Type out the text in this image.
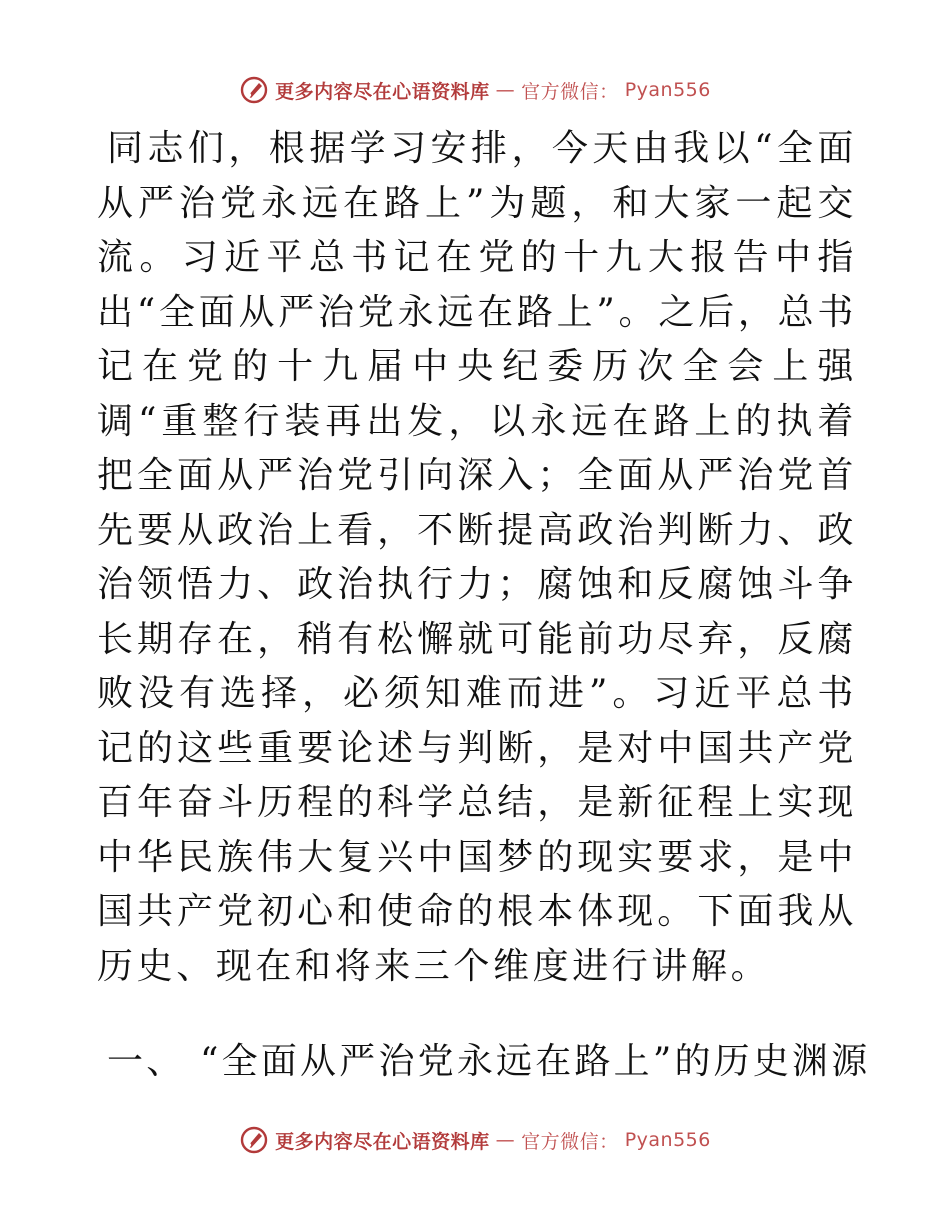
更多内容尽在心语资料库 — 官方微信： Pyan556

同志们，根据学习安排，今天由我以“全面从严治党永远在路上”为题，和大家一起交流。习近平总书记在党的十九大报告中指出“全面从严治党永远在路上”。之后，总书记在党的十九届中央纪委历次全会上强调“重整行装再出发，以永远在路上的执着把全面从严治党引向深入；全面从严治党首先要从政治上看，不断提高政治判断力、政治领悟力、政治执行力；腐蚀和反腐蚀斗争长期存在，稍有松懈就可能前功尽弃，反腐败没有选择，必须知难而进”。习近平总书记的这些重要论述与判断，是对中国共产党百年奋斗历程的科学总结，是新征程上实现中华民族伟大复兴中国梦的现实要求，是中国共产党初心和使命的根本体现。下面我从历史、现在和将来三个维度进行讲解。

一、 “全面从严治党永远在路上”的历史渊源

更多内容尽在心语资料库 — 官方微信： Pyan556
